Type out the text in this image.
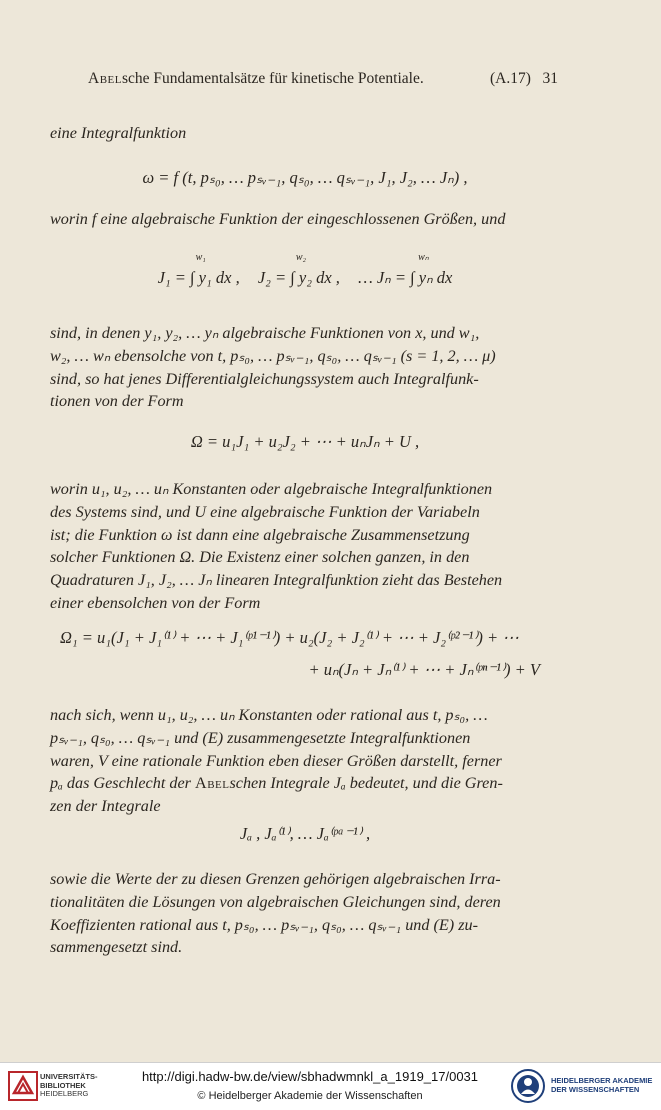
Abelsche Fundamentalsätze für kinetische Potentiale.	(A.17) 31
eine Integralfunktion
ω = f (t, pₛ₀, … pₛᵥ₋₁, qₛ₀, … qₛᵥ₋₁, J₁, J₂, … Jₙ) ,
worin f eine algebraische Funktion der eingeschlossenen Größen, und
w₁
J₁ = ∫ y₁ dx ,
w₂
J₂ = ∫ y₂ dx ,
wₙ
… Jₙ = ∫ yₙ dx
sind, in denen y₁, y₂, … yₙ algebraische Funktionen von x, und w₁,
w₂, … wₙ ebensolche von t, pₛ₀, … pₛᵥ₋₁, qₛ₀, … qₛᵥ₋₁ (s = 1, 2, … μ)
sind, so hat jenes Differentialgleichungssystem auch Integralfunk-
tionen von der Form
Ω = u₁J₁ + u₂J₂ + ⋯ + uₙJₙ + U ,
worin u₁, u₂, … uₙ Konstanten oder algebraische Integralfunktionen
des Systems sind, und U eine algebraische Funktion der Variabeln
ist; die Funktion ω ist dann eine algebraische Zusammensetzung
solcher Funktionen Ω. Die Existenz einer solchen ganzen, in den
Quadraturen J₁, J₂, … Jₙ linearen Integralfunktion zieht das Bestehen
einer ebensolchen von der Form
Ω₁ = u₁(J₁ + J₁⁽¹⁾ + ⋯ + J₁⁽ᵖ¹⁻¹⁾) + u₂(J₂ + J₂⁽¹⁾ + ⋯ + J₂⁽ᵖ²⁻¹⁾) + ⋯
+ uₙ(Jₙ + Jₙ⁽¹⁾ + ⋯ + Jₙ⁽ᵖⁿ⁻¹⁾) + V
nach sich, wenn u₁, u₂, … uₙ Konstanten oder rational aus t, pₛ₀, …
pₛᵥ₋₁, qₛ₀, … qₛᵥ₋₁ und (E) zusammengesetzte Integralfunktionen
waren, V eine rationale Funktion eben dieser Größen darstellt, ferner
pₐ das Geschlecht der Abelschen Integrale Jₐ bedeutet, und die Gren-
zen der Integrale
Jₐ , Jₐ⁽¹⁾, … Jₐ⁽ᵖᵃ⁻¹⁾ ,
sowie die Werte der zu diesen Grenzen gehörigen algebraischen Irra-
tionalitäten die Lösungen von algebraischen Gleichungen sind, deren
Koeffizienten rational aus t, pₛ₀, … pₛᵥ₋₁, qₛ₀, … qₛᵥ₋₁ und (E) zu-
sammengesetzt sind.
UNIVERSITÄTS-
BIBLIOTHEK
HEIDELBERG
http://digi.hadw-bw.de/view/sbhadwmnkl_a_1919_17/0031
© Heidelberger Akademie der Wissenschaften
HEIDELBERGER AKADEMIE
DER WISSENSCHAFTEN
